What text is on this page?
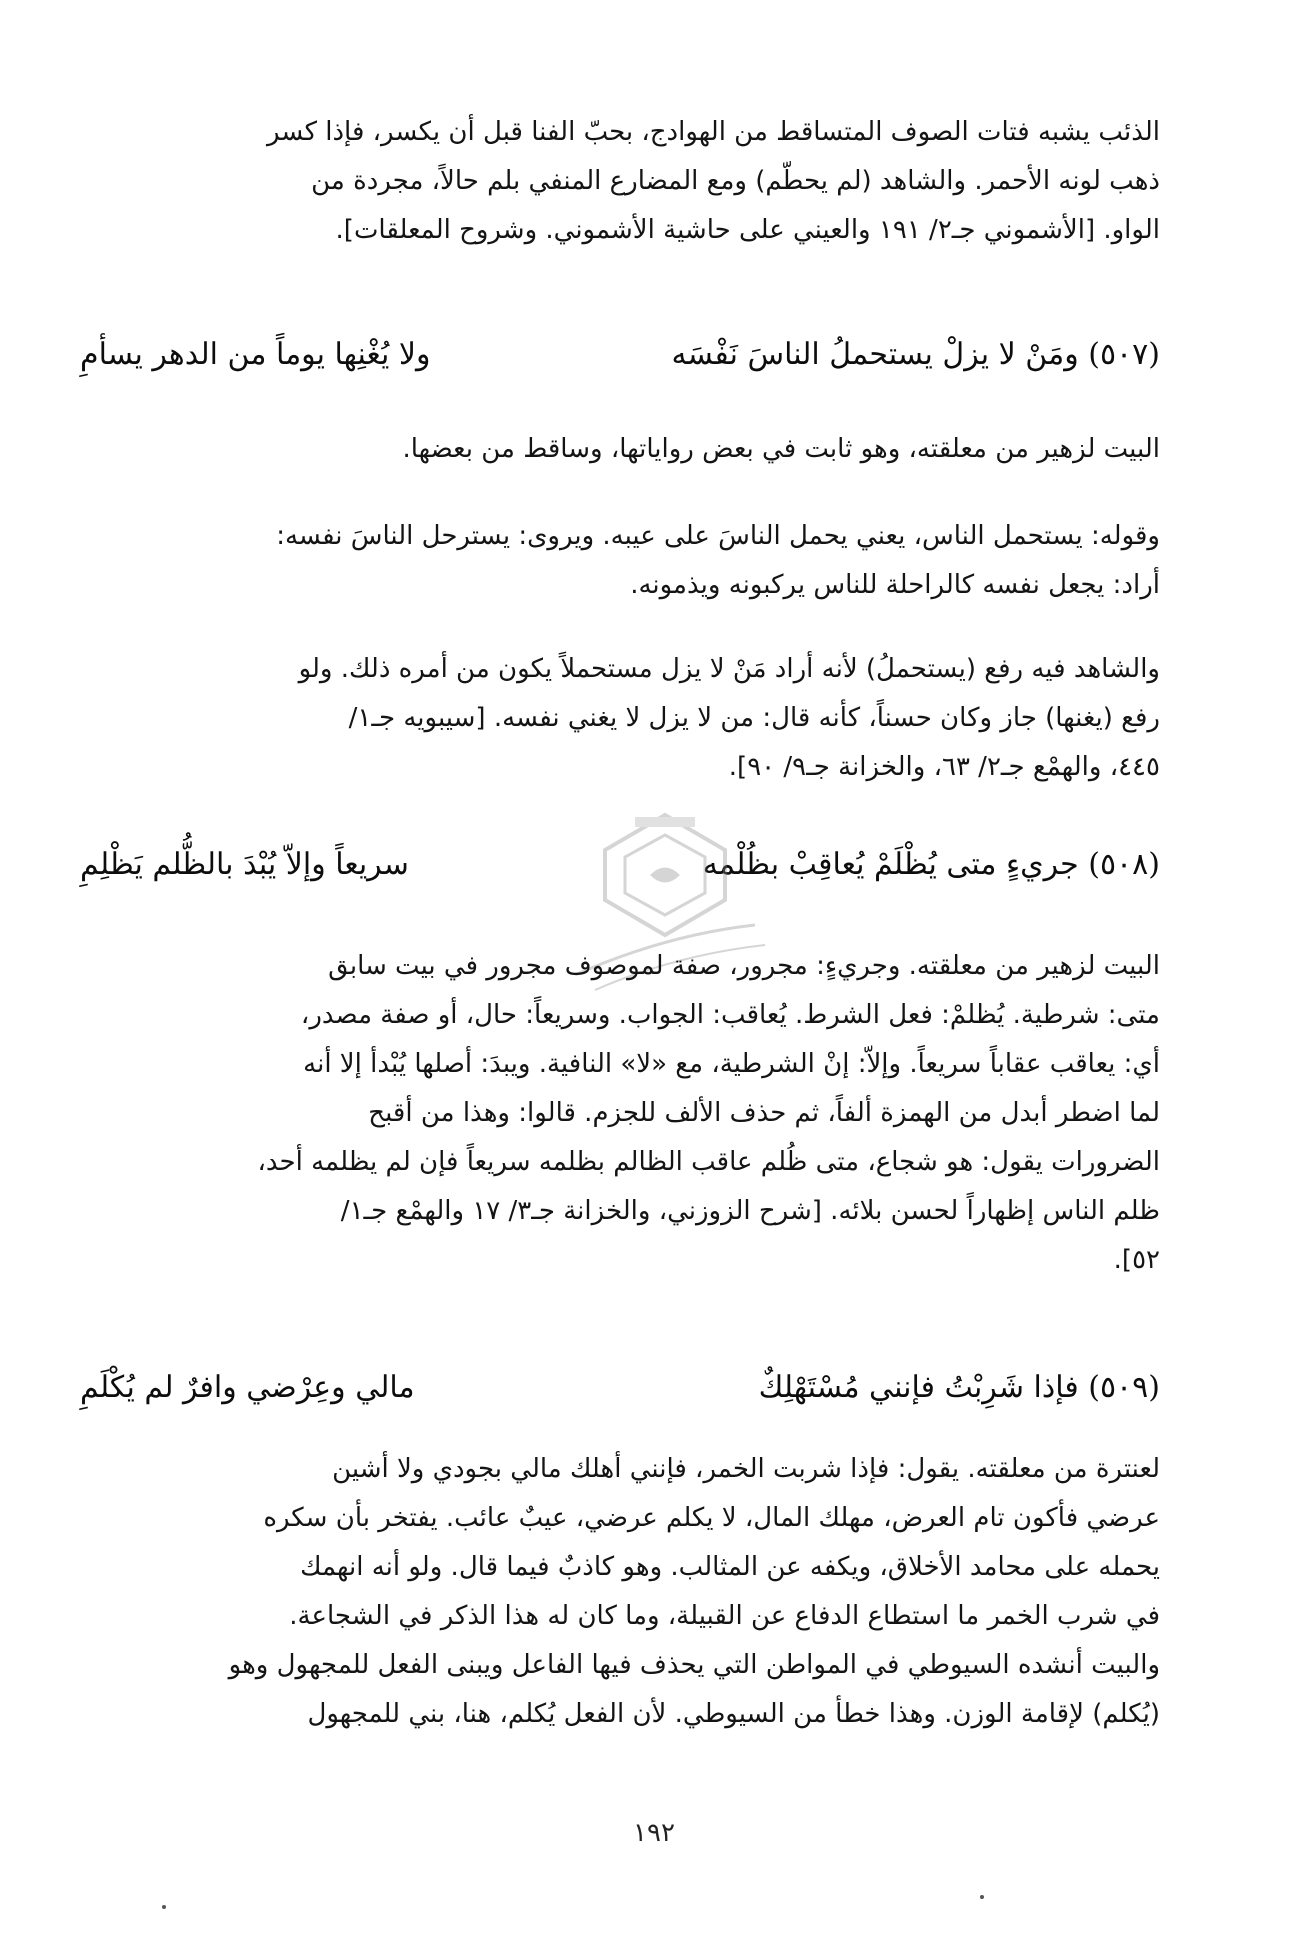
الذئب يشبه فتات الصوف المتساقط من الهوادج، بحبّ الفنا قبل أن يكسر، فإذا كسر
ذهب لونه الأحمر. والشاهد (لم يحطّم) ومع المضارع المنفي بلم حالاً، مجردة من
الواو. [الأشموني جـ٢/ ١٩١ والعيني على حاشية الأشموني. وشروح المعلقات].
(٥٠٧) ومَنْ لا يزلْ يستحملُ الناسَ نَفْسَه
ولا يُغْنِها يوماً من الدهر يسأمِ
البيت لزهير من معلقته، وهو ثابت في بعض رواياتها، وساقط من بعضها.
وقوله: يستحمل الناس، يعني يحمل الناسَ على عيبه. ويروى: يسترحل الناسَ نفسه:
أراد: يجعل نفسه كالراحلة للناس يركبونه ويذمونه.
والشاهد فيه رفع (يستحملُ) لأنه أراد مَنْ لا يزل مستحملاً يكون من أمره ذلك. ولو
رفع (يغنها) جاز وكان حسناً، كأنه قال: من لا يزل لا يغني نفسه. [سيبويه جـ١/
٤٤٥، والهمْع جـ٢/ ٦٣، والخزانة جـ٩/ ٩٠].
(٥٠٨) جريءٍ متى يُظْلَمْ يُعاقِبْ بظُلْمه
سريعاً وإلاّ يُبْدَ بالظُّلم يَظْلِمِ
البيت لزهير من معلقته. وجريءٍ: مجرور، صفة لموصوف مجرور في بيت سابق
متى: شرطية. يُظلمْ: فعل الشرط. يُعاقب: الجواب. وسريعاً: حال، أو صفة مصدر،
أي: يعاقب عقاباً سريعاً. وإلاّ: إنْ الشرطية، مع «لا» النافية. ويبدَ: أصلها يُبْدأ إلا أنه
لما اضطر أبدل من الهمزة ألفاً، ثم حذف الألف للجزم. قالوا: وهذا من أقبح
الضرورات يقول: هو شجاع، متى ظُلم عاقب الظالم بظلمه سريعاً فإن لم يظلمه أحد،
ظلم الناس إظهاراً لحسن بلائه. [شرح الزوزني، والخزانة جـ٣/ ١٧ والهمْع جـ١/
٥٢].
(٥٠٩) فإذا شَرِبْتُ فإنني مُسْتَهْلِكٌ
مالي وعِرْضي وافرٌ لم يُكْلَمِ
لعنترة من معلقته. يقول: فإذا شربت الخمر، فإنني أهلك مالي بجودي ولا أشين
عرضي فأكون تام العرض، مهلك المال، لا يكلم عرضي، عيبٌ عائب. يفتخر بأن سكره
يحمله على محامد الأخلاق، ويكفه عن المثالب. وهو كاذبٌ فيما قال. ولو أنه انهمك
في شرب الخمر ما استطاع الدفاع عن القبيلة، وما كان له هذا الذكر في الشجاعة.
والبيت أنشده السيوطي في المواطن التي يحذف فيها الفاعل ويبنى الفعل للمجهول وهو
(يُكلم) لإقامة الوزن. وهذا خطأ من السيوطي. لأن الفعل يُكلم، هنا، بني للمجهول
١٩٢
